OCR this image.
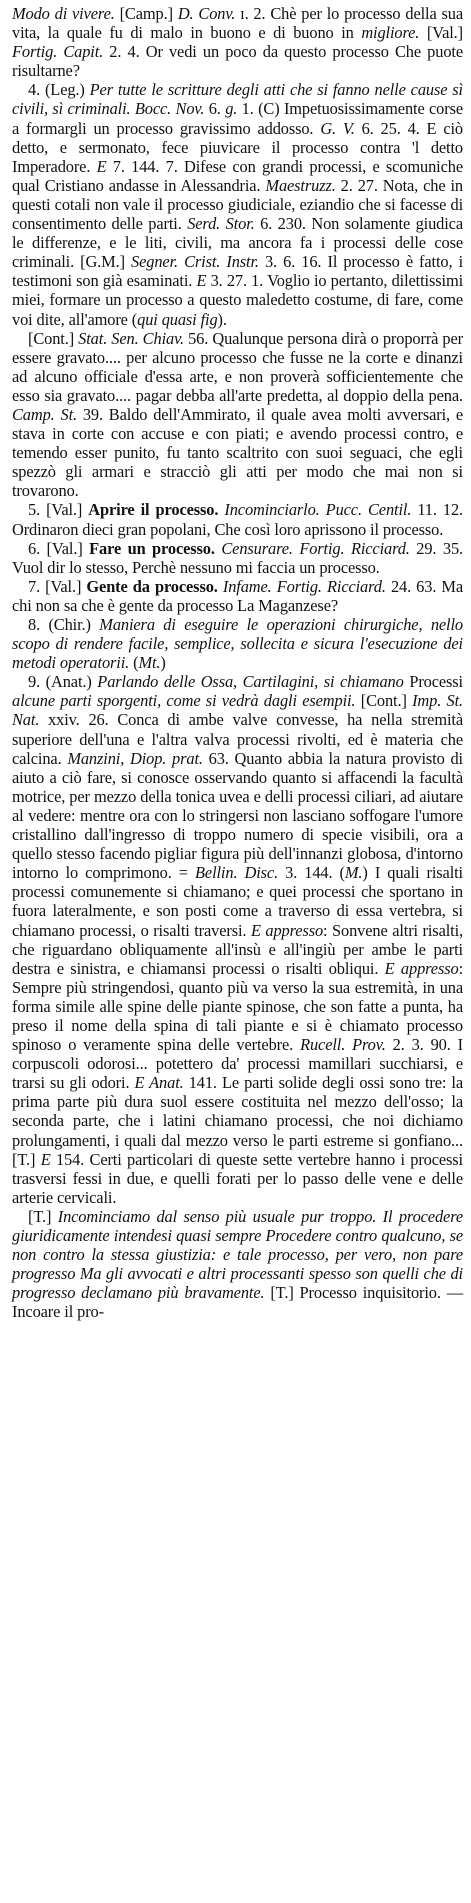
Modo di vivere. [Camp.] D. Conv. ɪ. 2. Chè per lo processo della sua vita, la quale fu di malo in buono e di buono in migliore. [Val.] Fortig. Capit. 2. 4. Or vedi un poco da questo processo Che puote risultarne?

4. (Leg.) Per tutte le scritture degli atti che si fanno nelle cause sì civili, sì criminali. Bocc. Nov. 6. g. 1. (C) Impetuosissimamente corse a formargli un processo gravissimo addosso. G. V. 6. 25. 4. E ciò detto, e sermonato, fece piuvicare il processo contra 'l detto Imperadore. E 7. 144. 7. Difese con grandi processi, e scomuniche qual Cristiano andasse in Alessandria. Maestruzz. 2. 27. Nota, che in questi cotali non vale il processo giudiciale, eziandio che si facesse di consentimento delle parti. Serd. Stor. 6. 230. Non solamente giudica le differenze, e le liti, civili, ma ancora fa i processi delle cose criminali. [G.M.] Segner. Crist. Instr. 3. 6. 16. Il processo è fatto, i testimoni son già esaminati. E 3. 27. 1. Voglio io pertanto, dilettissimi miei, formare un processo a questo maledetto costume, di fare, come voi dite, all'amore (qui quasi fig).

[Cont.] Stat. Sen. Chiav. 56. Qualunque persona dirà o proporrà per essere gravato.... per alcuno processo che fusse ne la corte e dinanzi ad alcuno officiale d'essa arte, e non proverà sofficientemente che esso sia gravato.... pagar debba all'arte predetta, al doppio della pena. Camp. St. 39. Baldo dell'Ammirato, il quale avea molti avversari, e stava in corte con accuse e con piati; e avendo processi contro, e temendo esser punito, fu tanto scaltrito con suoi seguaci, che egli spezzò gli armari e stracciò gli atti per modo che mai non si trovarono.

5. [Val.] Aprire il processo. Incominciarlo. Pucc. Centil. 11. 12. Ordinaron dieci gran popolani, Che così loro aprissono il processo.

6. [Val.] Fare un processo. Censurare. Fortig. Ricciard. 29. 35. Vuol dir lo stesso, Perchè nessuno mi faccia un processo.

7. [Val.] Gente da processo. Infame. Fortig. Ricciard. 24. 63. Ma chi non sa che è gente da processo La Maganzese?

8. (Chir.) Maniera di eseguire le operazioni chirurgiche, nello scopo di rendere facile, semplice, sollecita e sicura l'esecuzione dei metodi operatorii. (Mt.)

9. (Anat.) Parlando delle Ossa, Cartilagini, si chiamano Processi alcune parti sporgenti, come si vedrà dagli esempii. [Cont.] Imp. St. Nat. xxiv. 26. Conca di ambe valve convesse, ha nella stremità superiore dell'una e l'altra valva processi rivolti, ed è materia che calcina. Manzini, Diop. prat. 63. Quanto abbia la natura provisto di aiuto a ciò fare, si conosce osservando quanto si affacendi la facultà motrice, per mezzo della tonica uvea e delli processi ciliari, ad aiutare al vedere: mentre ora con lo stringersi non lasciano soffogare l'umore cristallino dall'ingresso di troppo numero di specie visibili, ora a quello stesso facendo pigliar figura più dell'innanzi globosa, d'intorno intorno lo comprimono. = Bellin. Disc. 3. 144. (M.) I quali risalti processi comunemente si chiamano; e quei processi che sportano in fuora lateralmente, e son posti come a traverso di essa vertebra, si chiamano processi, o risalti traversi. E appresso: Sonvene altri risalti, che riguardano obliquamente all'insù e all'ingiù per ambe le parti destra e sinistra, e chiamansi processi o risalti obliqui. E appresso: Sempre più stringendosi, quanto più va verso la sua estremità, in una forma simile alle spine delle piante spinose, che son fatte a punta, ha preso il nome della spina di tali piante e si è chiamato processo spinoso o veramente spina delle vertebre. Rucell. Prov. 2. 3. 90. I corpuscoli odorosi... potettero da' processi mamillari succhiarsi, e trarsi su gli odori. E Anat. 141. Le parti solide degli ossi sono tre: la prima parte più dura suol essere costituita nel mezzo dell'osso; la seconda parte, che i latini chiamano processi, che noi dichiamo prolungamenti, i quali dal mezzo verso le parti estreme si gonfiano... [T.] E 154. Certi particolari di queste sette vertebre hanno i processi trasversi fessi in due, e quelli forati per lo passo delle vene e delle arterie cervicali.

[T.] Incominciamo dal senso più usuale pur troppo. Il procedere giuridicamente intendesi quasi sempre Procedere contro qualcuno, se non contro la stessa giustizia: e tale processo, per vero, non pare progresso Ma gli avvocati e altri processanti spesso son quelli che di progresso declamano più bravamente. [T.] Processo inquisitorio. — Incoare il pro-
